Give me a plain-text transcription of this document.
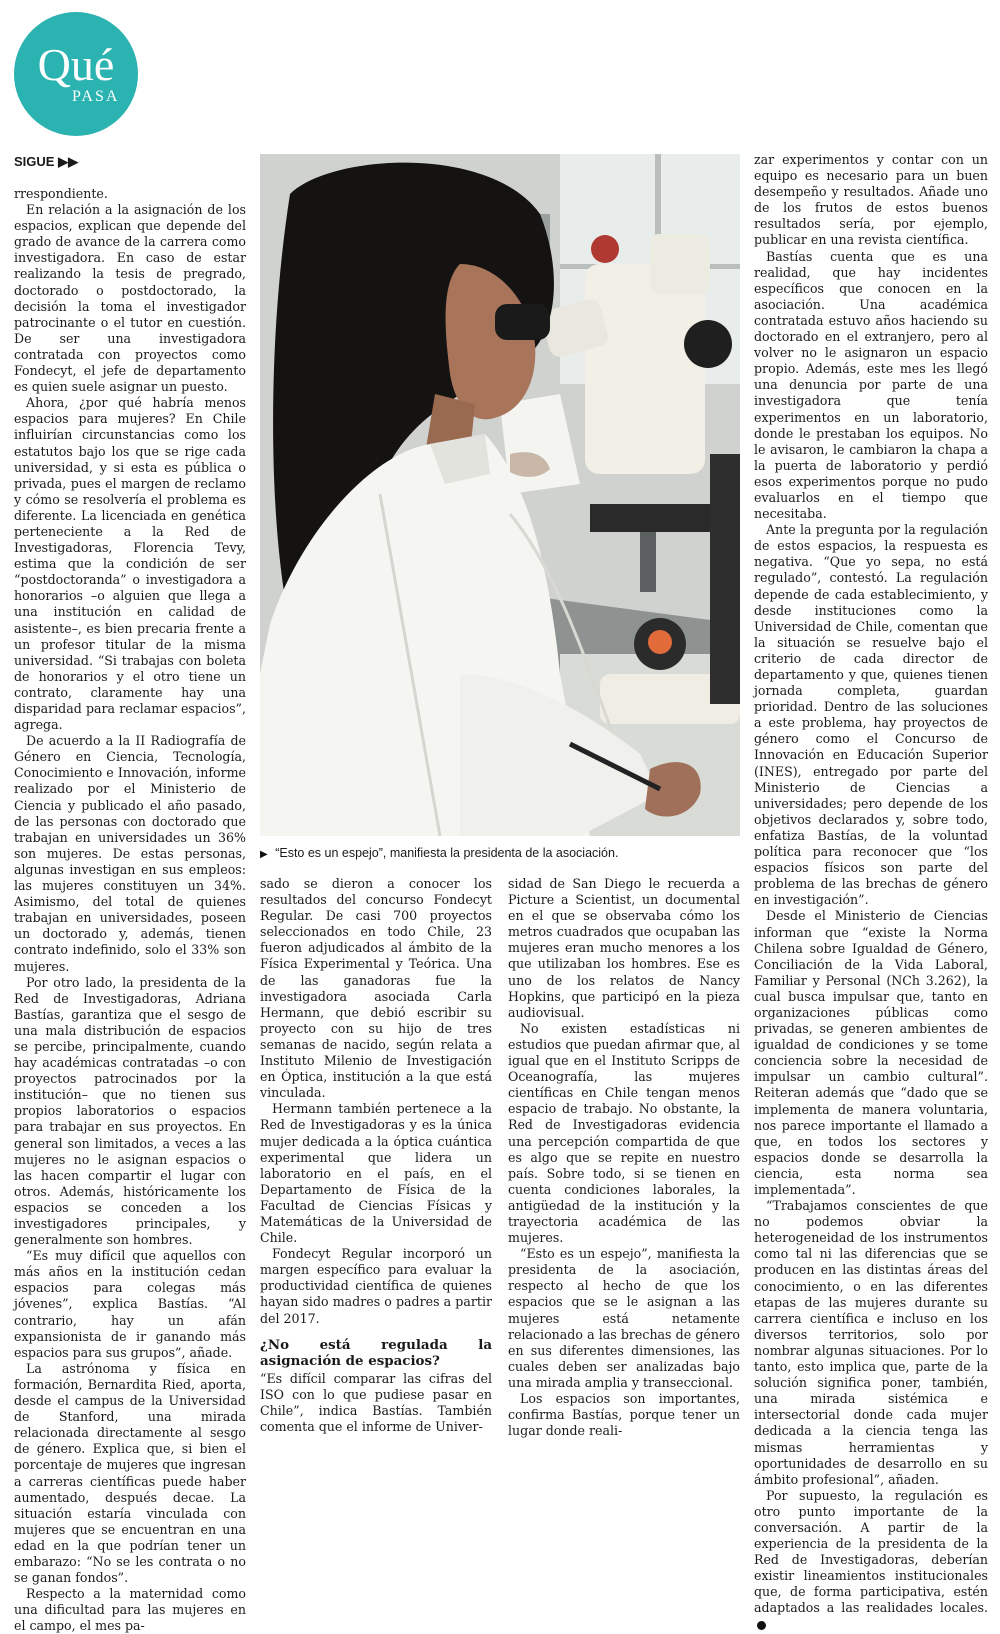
Qué
PASA
SIGUE ▶▶

rrespondiente.

En relación a la asignación de los espacios, explican que depende del grado de avance de la carrera como investigadora. En caso de estar realizando la tesis de pregrado, doctorado o postdoctorado, la decisión la toma el investigador patrocinante o el tutor en cuestión. De ser una investigadora contratada con proyectos como Fondecyt, el jefe de departamento es quien suele asignar un puesto.

Ahora, ¿por qué habría menos espacios para mujeres? En Chile influirían circunstancias como los estatutos bajo los que se rige cada universidad, y si esta es pública o privada, pues el margen de reclamo y cómo se resolvería el problema es diferente. La licenciada en genética perteneciente a la Red de Investigadoras, Florencia Tevy, estima que la condición de ser “postdoctoranda” o investigadora a honorarios –o alguien que llega a una institución en calidad de asistente–, es bien precaria frente a un profesor titular de la misma universidad. “Si trabajas con boleta de honorarios y el otro tiene un contrato, claramente hay una disparidad para reclamar espacios”, agrega.

De acuerdo a la II Radiografía de Género en Ciencia, Tecnología, Conocimiento e Innovación, informe realizado por el Ministerio de Ciencia y publicado el año pasado, de las personas con doctorado que trabajan en universidades un 36% son mujeres. De estas personas, algunas investigan en sus empleos: las mujeres constituyen un 34%. Asimismo, del total de quienes trabajan en universidades, poseen un doctorado y, además, tienen contrato indefinido, solo el 33% son mujeres.

Por otro lado, la presidenta de la Red de Investigadoras, Adriana Bastías, garantiza que el sesgo de una mala distribución de espacios se percibe, principalmente, cuando hay académicas contratadas –o con proyectos patrocinados por la institución– que no tienen sus propios laboratorios o espacios para trabajar en sus proyectos. En general son limitados, a veces a las mujeres no le asignan espacios o las hacen compartir el lugar con otros. Además, históricamente los espacios se conceden a los investigadores principales, y generalmente son hombres.

“Es muy difícil que aquellos con más años en la institución cedan espacios para colegas más jóvenes”, explica Bastías. “Al contrario, hay un afán expansionista de ir ganando más espacios para sus grupos”, añade.

La astrónoma y física en formación, Bernardita Ried, aporta, desde el campus de la Universidad de Stanford, una mirada relacionada directamente al sesgo de género. Explica que, si bien el porcentaje de mujeres que ingresan a carreras científicas puede haber aumentado, después decae. La situación estaría vinculada con mujeres que se encuentran en una edad en la que podrían tener un embarazo: “No se les contrata o no se ganan fondos”.

Respecto a la maternidad como una dificultad para las mujeres en el campo, el mes pa-

▶ “Esto es un espejo”, manifiesta la presidenta de la asociación.

sado se dieron a conocer los resultados del concurso Fondecyt Regular. De casi 700 proyectos seleccionados en todo Chile, 23 fueron adjudicados al ámbito de la Física Experimental y Teórica. Una de las ganadoras fue la investigadora asociada Carla Hermann, que debió escribir su proyecto con su hijo de tres semanas de nacido, según relata a Instituto Milenio de Investigación en Óptica, institución a la que está vinculada.

Hermann también pertenece a la Red de Investigadoras y es la única mujer dedicada a la óptica cuántica experimental que lidera un laboratorio en el país, en el Departamento de Física de la Facultad de Ciencias Físicas y Matemáticas de la Universidad de Chile.

Fondecyt Regular incorporó un margen específico para evaluar la productividad científica de quienes hayan sido madres o padres a partir del 2017.

¿No está regulada la asignación de espacios?

“Es difícil comparar las cifras del ISO con lo que pudiese pasar en Chile”, indica Bastías. También comenta que el informe de Univer-

sidad de San Diego le recuerda a Picture a Scientist, un documental en el que se observaba cómo los metros cuadrados que ocupaban las mujeres eran mucho menores a los que utilizaban los hombres. Ese es uno de los relatos de Nancy Hopkins, que participó en la pieza audiovisual.

No existen estadísticas ni estudios que puedan afirmar que, al igual que en el Instituto Scripps de Oceanografía, las mujeres científicas en Chile tengan menos espacio de trabajo. No obstante, la Red de Investigadoras evidencia una percepción compartida de que es algo que se repite en nuestro país. Sobre todo, si se tienen en cuenta condiciones laborales, la antigüedad de la institución y la trayectoria académica de las mujeres.

“Esto es un espejo”, manifiesta la presidenta de la asociación, respecto al hecho de que los espacios que se le asignan a las mujeres está netamente relacionado a las brechas de género en sus diferentes dimensiones, las cuales deben ser analizadas bajo una mirada amplia y transeccional.

Los espacios son importantes, confirma Bastías, porque tener un lugar donde reali-

zar experimentos y contar con un equipo es necesario para un buen desempeño y resultados. Añade uno de los frutos de estos buenos resultados sería, por ejemplo, publicar en una revista científica.

Bastías cuenta que es una realidad, que hay incidentes específicos que conocen en la asociación. Una académica contratada estuvo años haciendo su doctorado en el extranjero, pero al volver no le asignaron un espacio propio. Además, este mes les llegó una denuncia por parte de una investigadora que tenía experimentos en un laboratorio, donde le prestaban los equipos. No le avisaron, le cambiaron la chapa a la puerta de laboratorio y perdió esos experimentos porque no pudo evaluarlos en el tiempo que necesitaba.

Ante la pregunta por la regulación de estos espacios, la respuesta es negativa. “Que yo sepa, no está regulado”, contestó. La regulación depende de cada establecimiento, y desde instituciones como la Universidad de Chile, comentan que la situación se resuelve bajo el criterio de cada director de departamento y que, quienes tienen jornada completa, guardan prioridad. Dentro de las soluciones a este problema, hay proyectos de género como el Concurso de Innovación en Educación Superior (INES), entregado por parte del Ministerio de Ciencias a universidades; pero depende de los objetivos declarados y, sobre todo, enfatiza Bastías, de la voluntad política para reconocer que “los espacios físicos son parte del problema de las brechas de género en investigación”.

Desde el Ministerio de Ciencias informan que “existe la Norma Chilena sobre Igualdad de Género, Conciliación de la Vida Laboral, Familiar y Personal (NCh 3.262), la cual busca impulsar que, tanto en organizaciones públicas como privadas, se generen ambientes de igualdad de condiciones y se tome conciencia sobre la necesidad de impulsar un cambio cultural”. Reiteran además que “dado que se implementa de manera voluntaria, nos parece importante el llamado a que, en todos los sectores y espacios donde se desarrolla la ciencia, esta norma sea implementada”.

“Trabajamos conscientes de que no podemos obviar la heterogeneidad de los instrumentos como tal ni las diferencias que se producen en las distintas áreas del conocimiento, o en las diferentes etapas de las mujeres durante su carrera científica e incluso en los diversos territorios, solo por nombrar algunas situaciones. Por lo tanto, esto implica que, parte de la solución significa poner, también, una mirada sistémica e intersectorial donde cada mujer dedicada a la ciencia tenga las mismas herramientas y oportunidades de desarrollo en su ámbito profesional”, añaden.

Por supuesto, la regulación es otro punto importante de la conversación. A partir de la experiencia de la presidenta de la Red de Investigadoras, deberían existir lineamientos institucionales que, de forma participativa, estén adaptados a las realidades locales.
